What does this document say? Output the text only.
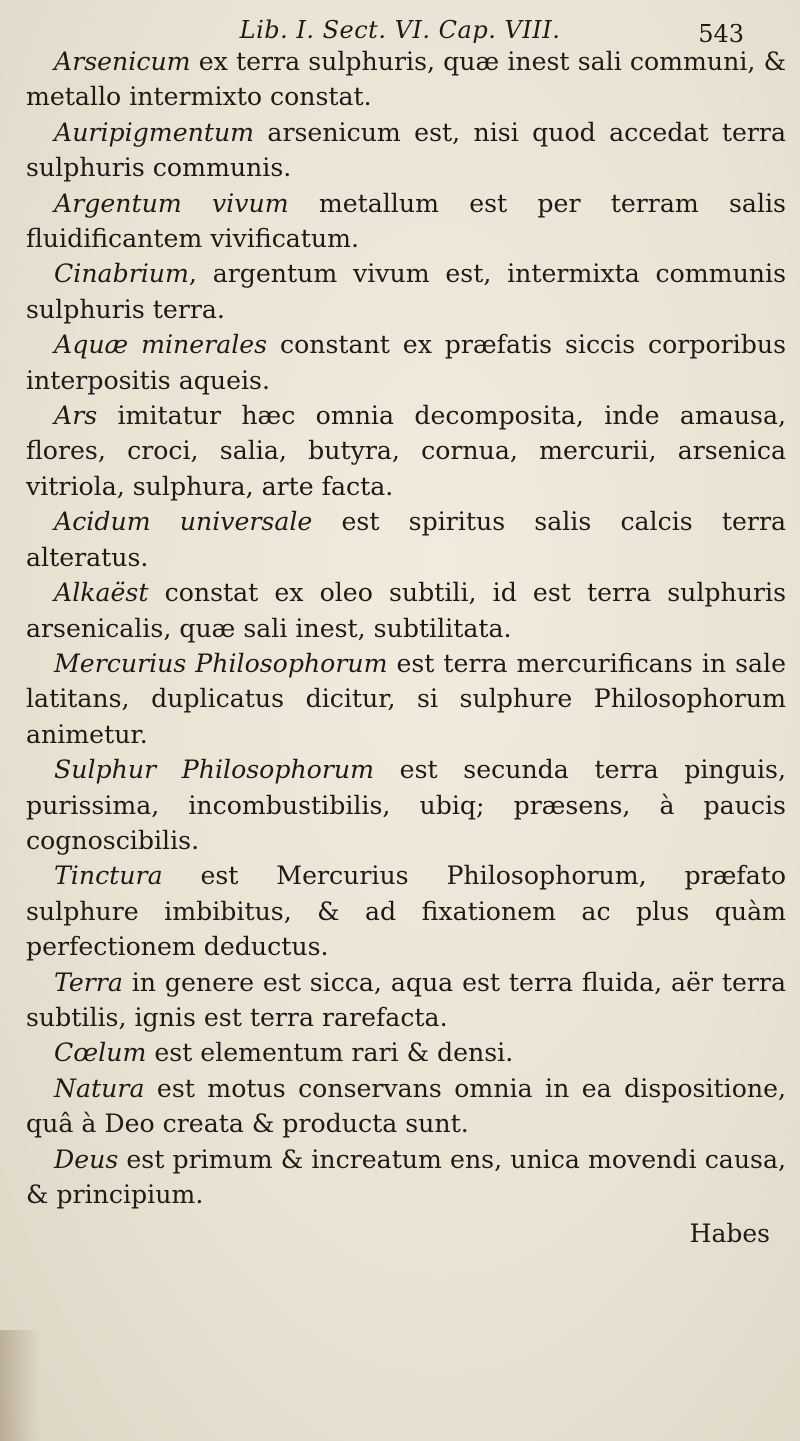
Lib. I. Sect. VI. Cap. VIII.	543

Arsenicum ex terra sulphuris, quæ inest sali communi, & metallo intermixto constat.

Auripigmentum arsenicum est, nisi quod accedat terra sulphuris communis.

Argentum vivum metallum est per terram salis fluidificantem vivificatum.

Cinabrium, argentum vivum est, intermixta communis sulphuris terra.

Aquæ minerales constant ex præfatis siccis corporibus interpositis aqueis.

Ars imitatur hæc omnia decomposita, inde amausa, flores, croci, salia, butyra, cornua, mercurii, arsenica vitriola, sulphura, arte facta.

Acidum universale est spiritus salis calcis terra alteratus.

Alkaëst constat ex oleo subtili, id est terra sulphuris arsenicalis, quæ sali inest, subtilitata.

Mercurius Philosophorum est terra mercurificans in sale latitans, duplicatus dicitur, si sulphure Philosophorum animetur.

Sulphur Philosophorum est secunda terra pinguis, purissima, incombustibilis, ubiq; præsens, à paucis cognoscibilis.

Tinctura est Mercurius Philosophorum, præfato sulphure imbibitus, & ad fixationem ac plus quàm perfectionem deductus.

Terra in genere est sicca, aqua est terra fluida, aër terra subtilis, ignis est terra rarefacta.

Cœlum est elementum rari & densi.

Natura est motus conservans omnia in ea dispositione, quâ à Deo creata & producta sunt.

Deus est primum & increatum ens, unica movendi causa, & principium.

Habes
